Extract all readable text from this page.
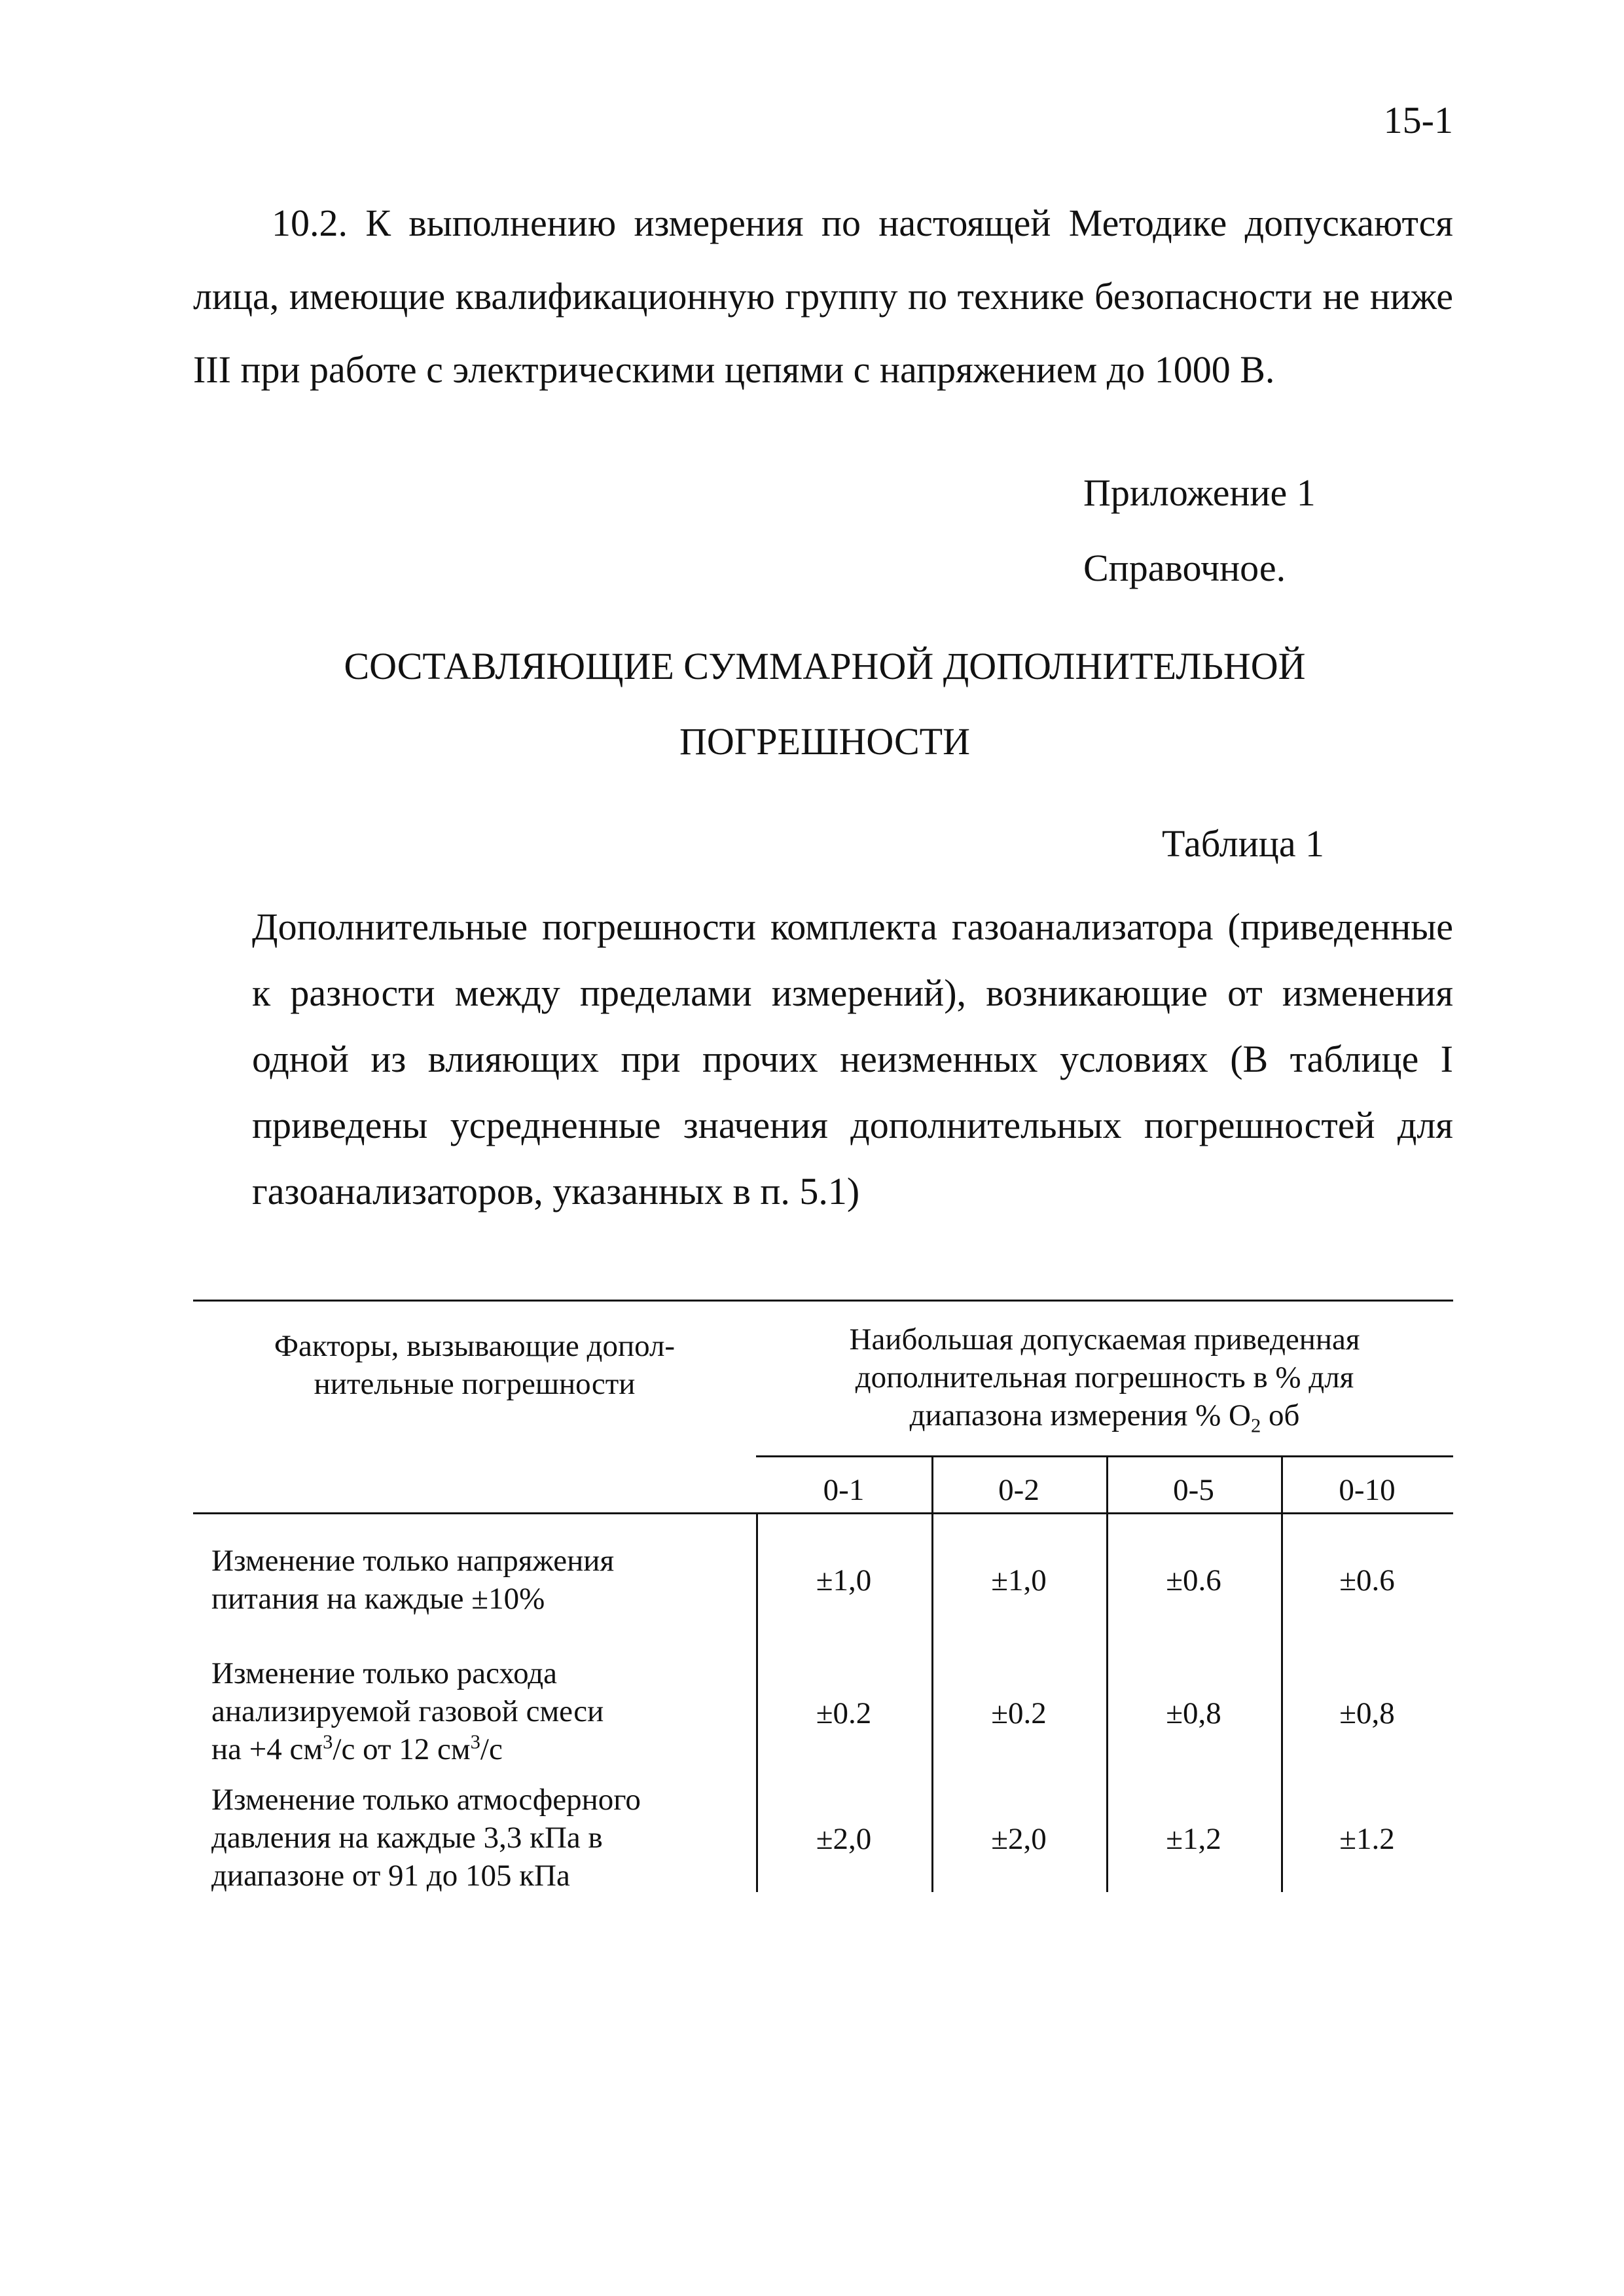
15-1

10.2. К выполнению измерения по настоящей Методике допускаются лица, имеющие квалификационную группу по технике безопасности не ниже III при работе с электрическими цепями с напряжением до 1000 В.

Приложение 1
Справочное.
СОСТАВЛЯЮЩИЕ СУММАРНОЙ ДОПОЛНИТЕЛЬНОЙ
ПОГРЕШНОСТИ
Таблица 1

Дополнительные погрешности комплекта газоанализатора (приведенные к разности между пределами измерений), возникающие от изменения одной из влияющих при прочих неизменных условиях (В таблице I приведены усредненные значения дополнительных погрешностей для газоанализаторов, указанных в п. 5.1)

Факторы, вызывающие допол-
нительные погрешности
Наибольшая допускаемая приведенная
дополнительная погрешность в % для
диапазона измерения % $O_2$ об
0-1	0-2	0-5	0-10
Изменение только напряжения
питания на каждые ±10%
±1,0	±1,0	±0.6	±0.6
Изменение только расхода
анализируемой газовой смеси
на +4 $см^3/с$ от 12 $см^3/с$
±0.2	±0.2	±0,8	±0,8
Изменение только атмосферного
давления на каждые 3,3 кПа в
диапазоне от 91 до 105 кПа
±2,0	±2,0	±1,2	±1.2
